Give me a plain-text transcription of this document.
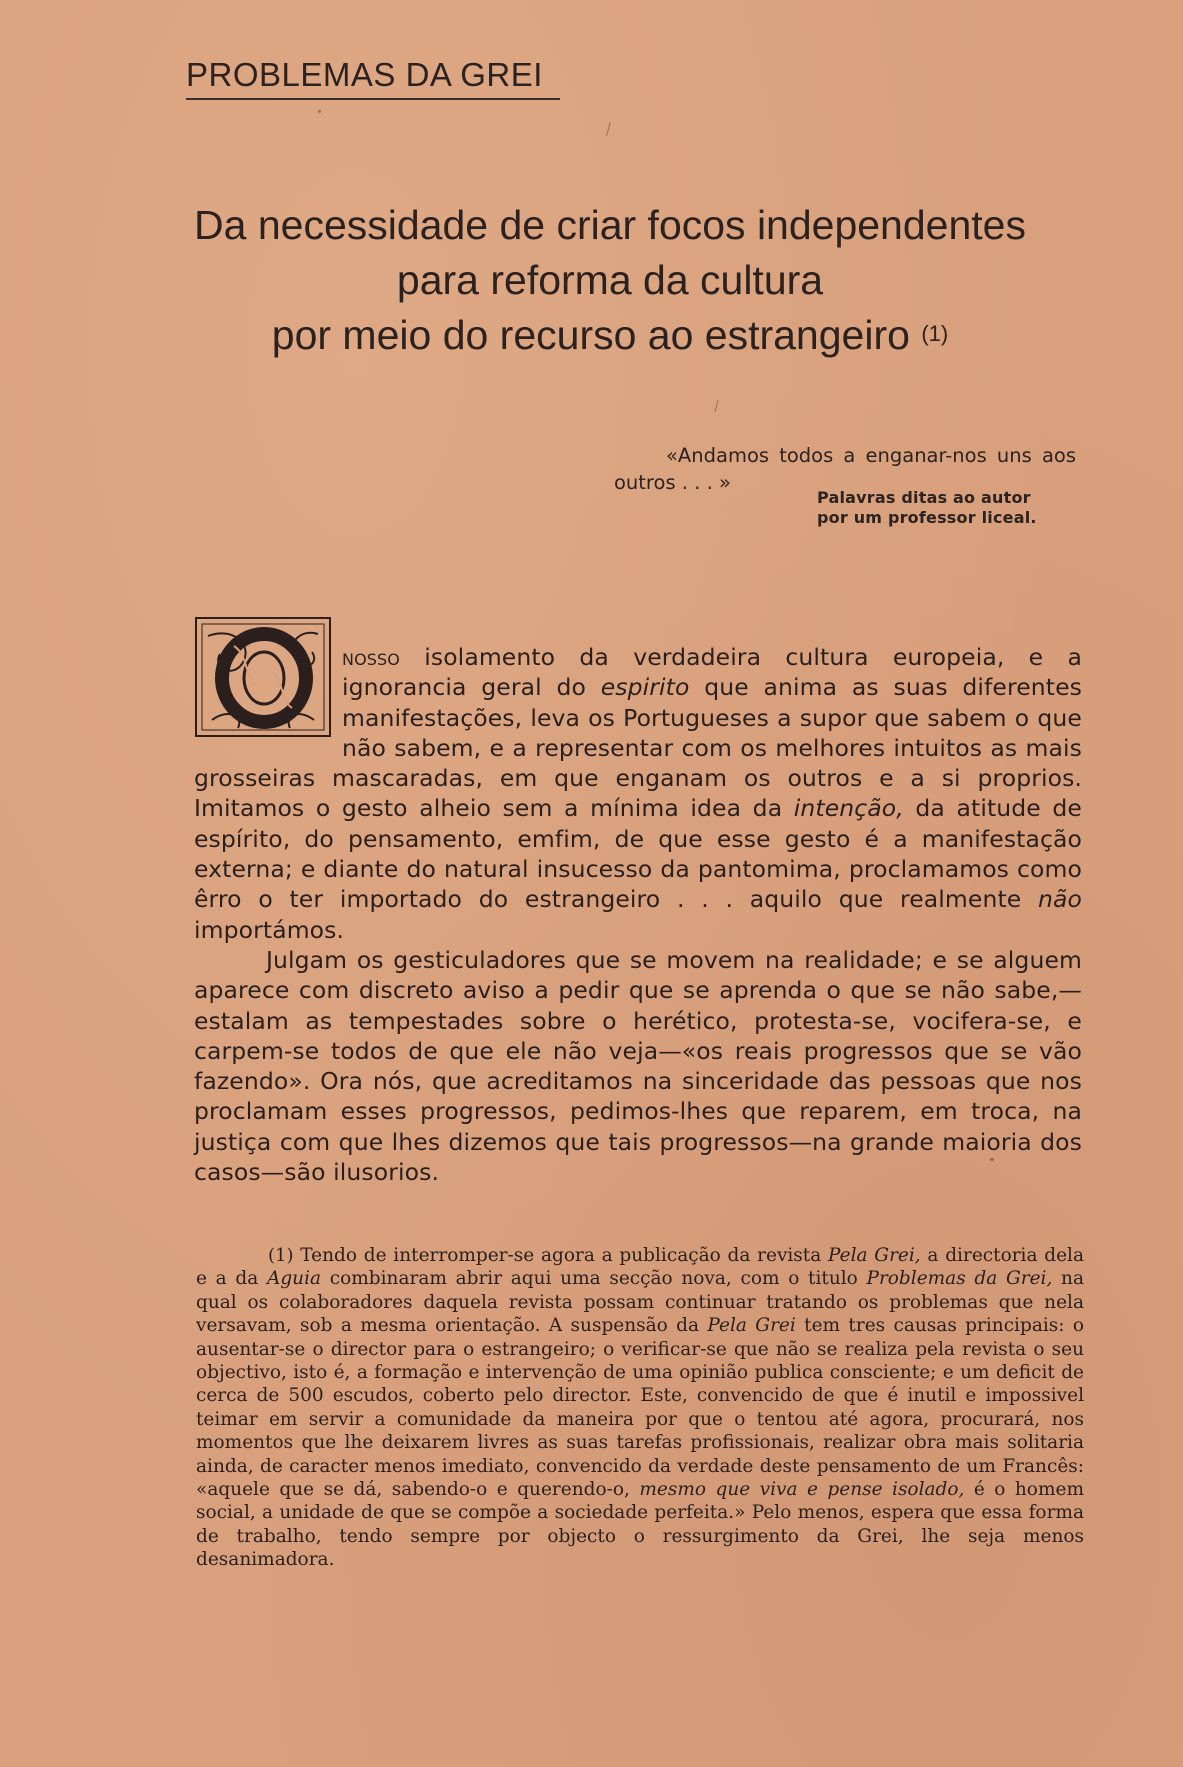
PROBLEMAS DA GREI
Da necessidade de criar focos independentes
para reforma da cultura
por meio do recurso ao estrangeiro $^{(1)}$
«Andamos todos a enganar-nos uns aos outros . . . »
Palavras ditas ao autor
por um professor liceal.

nosso isolamento da verdadeira cultura europeia, e a ignorancia geral do espirito que anima as suas diferentes manifestações, leva os Portugueses a supor que sabem o que não sabem, e a representar com os melhores intuitos as mais grosseiras mascaradas, em que enganam os outros e a si proprios. Imitamos o gesto alheio sem a mínima idea da intenção, da atitude de espírito, do pensamento, emfim, de que esse gesto é a manifestação externa; e diante do natural insucesso da pantomima, proclamamos como êrro o ter importado do estrangeiro . . . aquilo que realmente não importámos.

Julgam os gesticuladores que se movem na realidade; e se alguem aparece com discreto aviso a pedir que se aprenda o que se não sabe,—estalam as tempestades sobre o herético, protesta-se, vocifera-se, e carpem-se todos de que ele não veja—«os reais progressos que se vão fazendo». Ora nós, que acreditamos na sinceridade das pessoas que nos proclamam esses progressos, pedimos-lhes que reparem, em troca, na justiça com que lhes dizemos que tais progressos—na grande maioria dos casos—são ilusorios.

(1) Tendo de interromper-se agora a publicação da revista Pela Grei, a directoria dela e a da Aguia combinaram abrir aqui uma secção nova, com o titulo Problemas da Grei, na qual os colaboradores daquela revista possam continuar tratando os problemas que nela versavam, sob a mesma orientação. A suspensão da Pela Grei tem tres causas principais: o ausentar-se o director para o estrangeiro; o verificar-se que não se realiza pela revista o seu objectivo, isto é, a formação e intervenção de uma opinião publica consciente; e um deficit de cerca de 500 escudos, coberto pelo director. Este, convencido de que é inutil e impossivel teimar em servir a comunidade da maneira por que o tentou até agora, procurará, nos momentos que lhe deixarem livres as suas tarefas profissionais, realizar obra mais solitaria ainda, de caracter menos imediato, convencido da verdade deste pensamento de um Francês: «aquele que se dá, sabendo-o e querendo-o, mesmo que viva e pense isolado, é o homem social, a unidade de que se compõe a sociedade perfeita.» Pelo menos, espera que essa forma de trabalho, tendo sempre por objecto o ressurgimento da Grei, lhe seja menos desanimadora.
